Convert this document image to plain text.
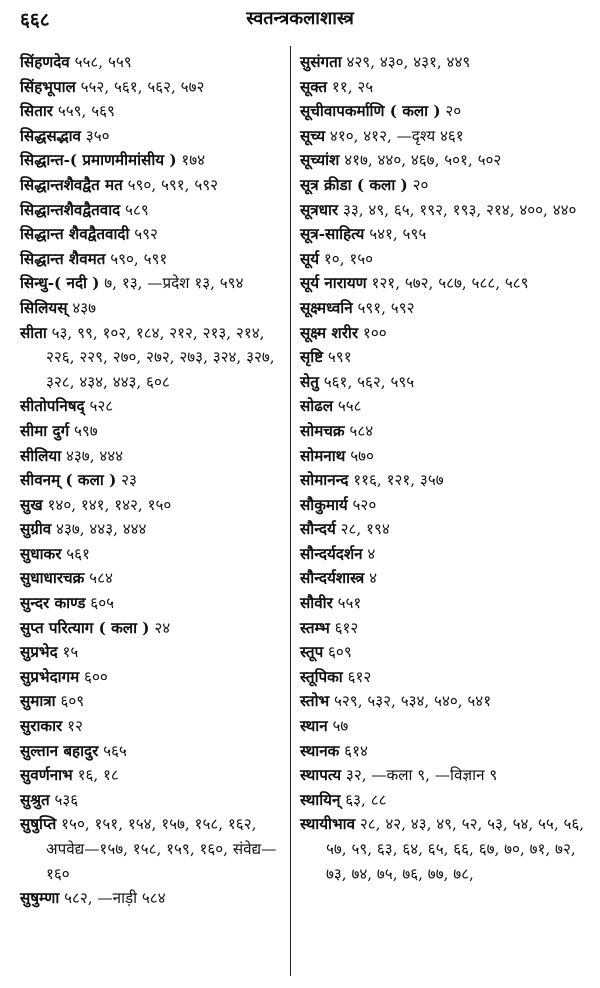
६६८	स्वतन्त्रकलाशास्त्र
सिंहणदेव ५५८, ५५९
सिंहभूपाल ५५२, ५६१, ५६२, ५७२
सितार ५५९, ५६९
सिद्धसद्भाव ३५०
सिद्धान्त-( प्रमाणमीमांसीय ) १७४
सिद्धान्तशैवद्वैत मत ५९०, ५९१, ५९२
सिद्धान्तशैवद्वैतवाद ५८९
सिद्धान्त शैवद्वैतवादी ५९२
सिद्धान्त शैवमत ५९०, ५९१
सिन्धु-( नदी ) ७, १३, —प्रदेश १३, ५९४
सिलियस् ४३७
सीता ५३, ९९, १०२, १८४, २१२, २१३, २१४, २२६, २२९, २७०, २७२, २७३, ३२४, ३२७, ३२८, ४३४, ४४३, ६०८
सीतोपनिषद् ५२८
सीमा दुर्ग ५९७
सीलिया ४३७, ४४४
सीवनम् ( कला ) २३
सुख १४०, १४१, १४२, १५०
सुग्रीव ४३७, ४४३, ४४४
सुधाकर ५६१
सुधाधारचक्र ५८४
सुन्दर काण्ड ६०५
सुप्त परित्याग ( कला ) २४
सुप्रभेद १५
सुप्रभेदागम ६००
सुमात्रा ६०९
सुराकार १२
सुल्तान बहादुर ५६५
सुवर्णनाभ १६, १८
सुश्रुत ५३६
सुषुप्ति १५०, १५१, १५४, १५७, १५८, १६२, अपवेद्य—१५७, १५८, १५९, १६०, संवेद्य—१६०
सुषुम्णा ५८२, —नाड़ी ५८४
सुसंगता ४२९, ४३०, ४३१, ४४९
सूक्त ११, २५
सूचीवापकर्माणि ( कला ) २०
सूच्य ४१०, ४१२, —दृश्य ४६१
सूच्यांश ४१७, ४४०, ४६७, ५०१, ५०२
सूत्र क्रीडा ( कला ) २०
सूत्रधार ३३, ४९, ६५, १९२, १९३, २१४, ४००, ४४०
सूत्र-साहित्य ५४१, ५९५
सूर्य १०, १५०
सूर्य नारायण १२१, ५७२, ५८७, ५८८, ५८९
सूक्ष्मध्वनि ५९१, ५९२
सूक्ष्म शरीर १००
सृष्टि ५९१
सेतु ५६१, ५६२, ५९५
सोढल ५५८
सोमचक्र ५८४
सोमनाथ ५७०
सोमानन्द ११६, १२१, ३५७
सौकुमार्य ५२०
सौन्दर्य २८, १९४
सौन्दर्यदर्शन ४
सौन्दर्यशास्त्र ४
सौवीर ५५१
स्तम्भ ६१२
स्तूप ६०९
स्तूपिका ६१२
स्तोभ ५२९, ५३२, ५३४, ५४०, ५४१
स्थान ५७
स्थानक ६१४
स्थापत्य ३२, —कला ९, —विज्ञान ९
स्थायिन् ६३, ८८
स्थायीभाव २८, ४२, ४३, ४९, ५२, ५३, ५४, ५५, ५६, ५७, ५९, ६३, ६४, ६५, ६६, ६७, ७०, ७१, ७२, ७३, ७४, ७५, ७६, ७७, ७८,
